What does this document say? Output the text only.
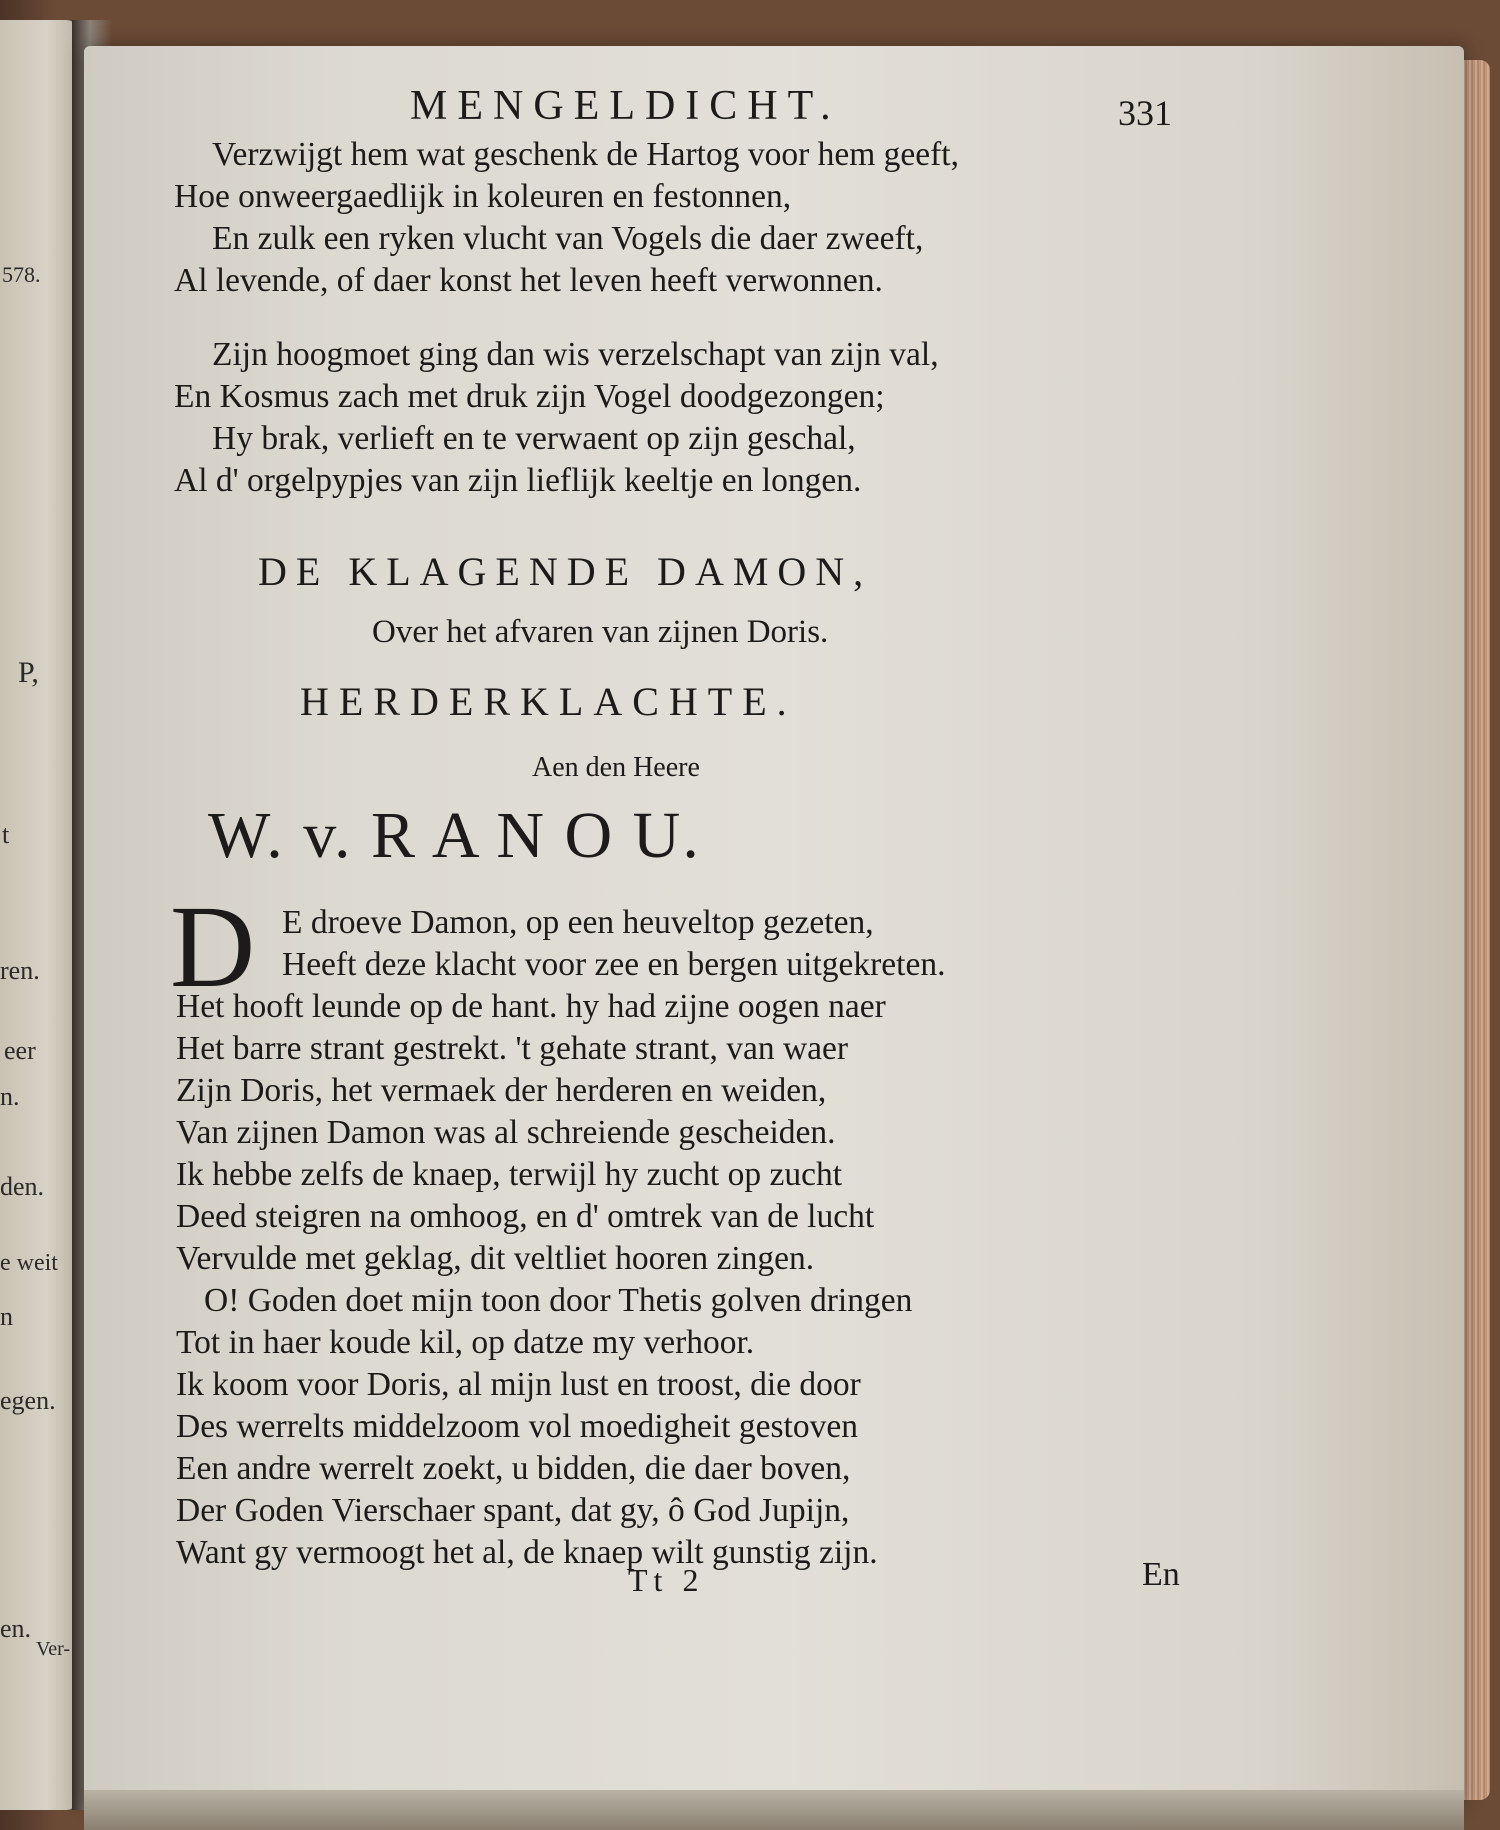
578.
P,
t
ren.
eer
n.
den.
e weit
n
egen.
en.
Ver-
MENGELDICHT.	331
Verzwijgt hem wat geschenk de Hartog voor hem geeft,
Hoe onweergaedlijk in koleuren en festonnen,
En zulk een ryken vlucht van Vogels die daer zweeft,
Al levende, of daer konst het leven heeft verwonnen.
Zijn hoogmoet ging dan wis verzelschapt van zijn val,
En Kosmus zach met druk zijn Vogel doodgezongen;
Hy brak, verlieft en te verwaent op zijn geschal,
Al d' orgelpypjes van zijn lieflijk keeltje en longen.
DE KLAGENDE DAMON,
Over het afvaren van zijnen Doris.
HERDERKLACHTE.
Aen den Heere
W. v. R A N O U.
D E droeve Damon, op een heuveltop gezeten,
Heeft deze klacht voor zee en bergen uitgekreten.
Het hooft leunde op de hant. hy had zijne oogen naer
Het barre strant gestrekt. 't gehate strant, van waer
Zijn Doris, het vermaek der herderen en weiden,
Van zijnen Damon was al schreiende gescheiden.
Ik hebbe zelfs de knaep, terwijl hy zucht op zucht
Deed steigren na omhoog, en d' omtrek van de lucht
Vervulde met geklag, dit veltliet hooren zingen.
O! Goden doet mijn toon door Thetis golven dringen
Tot in haer koude kil, op datze my verhoor.
Ik koom voor Doris, al mijn lust en troost, die door
Des werrelts middelzoom vol moedigheit gestoven
Een andre werrelt zoekt, u bidden, die daer boven,
Der Goden Vierschaer spant, dat gy, ô God Jupijn,
Want gy vermoogt het al, de knaep wilt gunstig zijn.
Tt 2	En
